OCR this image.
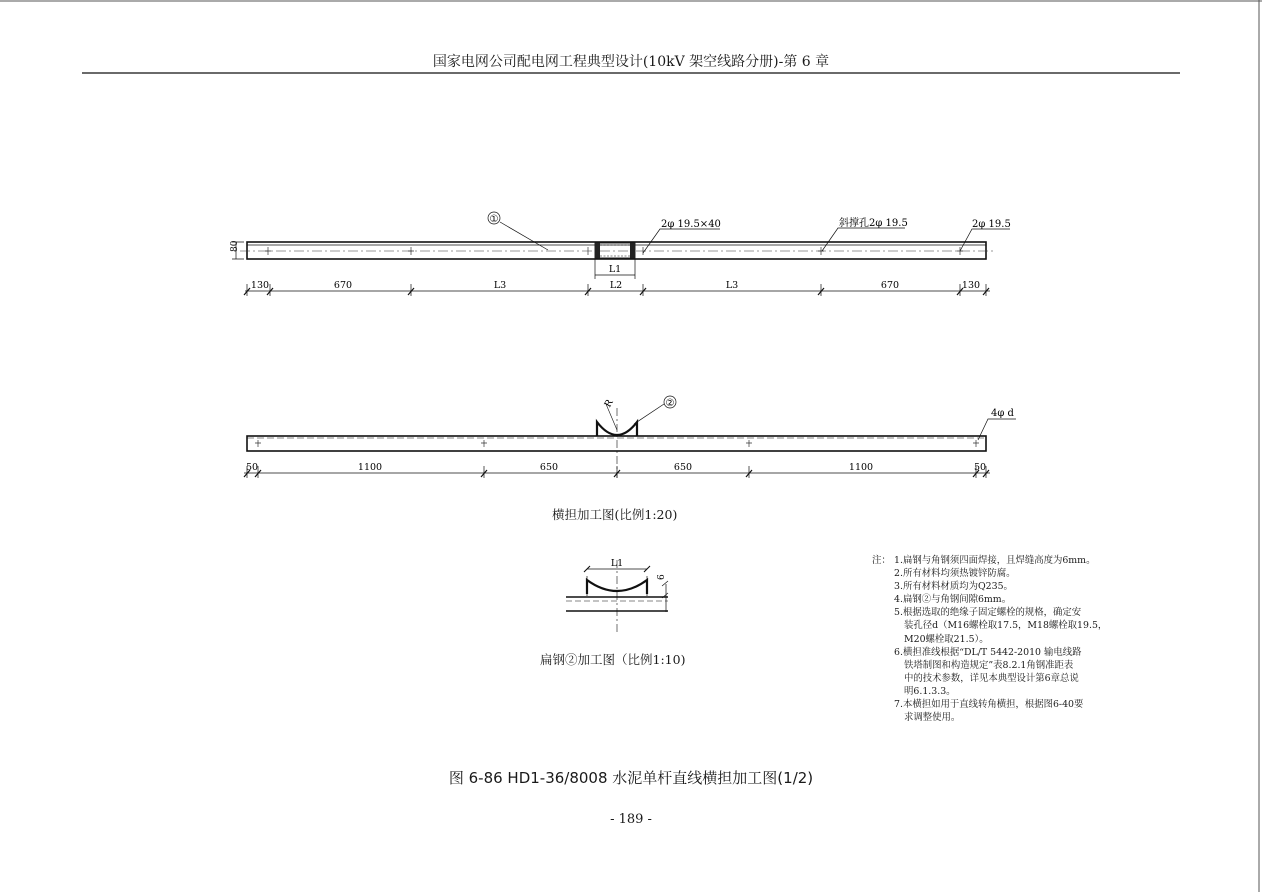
①	2φ 19.5×40	斜撑孔2φ 19.5	2φ 19.5
80
L1
130	670	L3	L2	L3	670	130
②
R
4φ d
50	1100	650	650	1100	50
L1
6
国家电网公司配电网工程典型设计(10kV 架空线路分册)-第 6 章
横担加工图(比例1:20)
扁钢②加工图（比例1:10)
注： 1. 扁钢与角钢须四面焊接，且焊缝高度为6mm。
2. 所有材料均须热镀锌防腐。
3. 所有材料材质均为Q235。
4. 扁钢②与角钢间隙6mm。
5. 根据选取的绝缘子固定螺栓的规格，确定安
装孔径d（M16螺栓取17.5，M18螺栓取19.5，
M20螺栓取21.5）。
6. 横担准线根据“DL/T 5442-2010 输电线路
铁塔制图和构造规定”表8.2.1角钢准距表
中的技术参数，详见本典型设计第6章总说
明6.1.3.3。
7. 本横担如用于直线转角横担，根据图6-40要
求调整使用。
图 6-86 HD1-36/8008 水泥单杆直线横担加工图(1/2)
- 189 -
